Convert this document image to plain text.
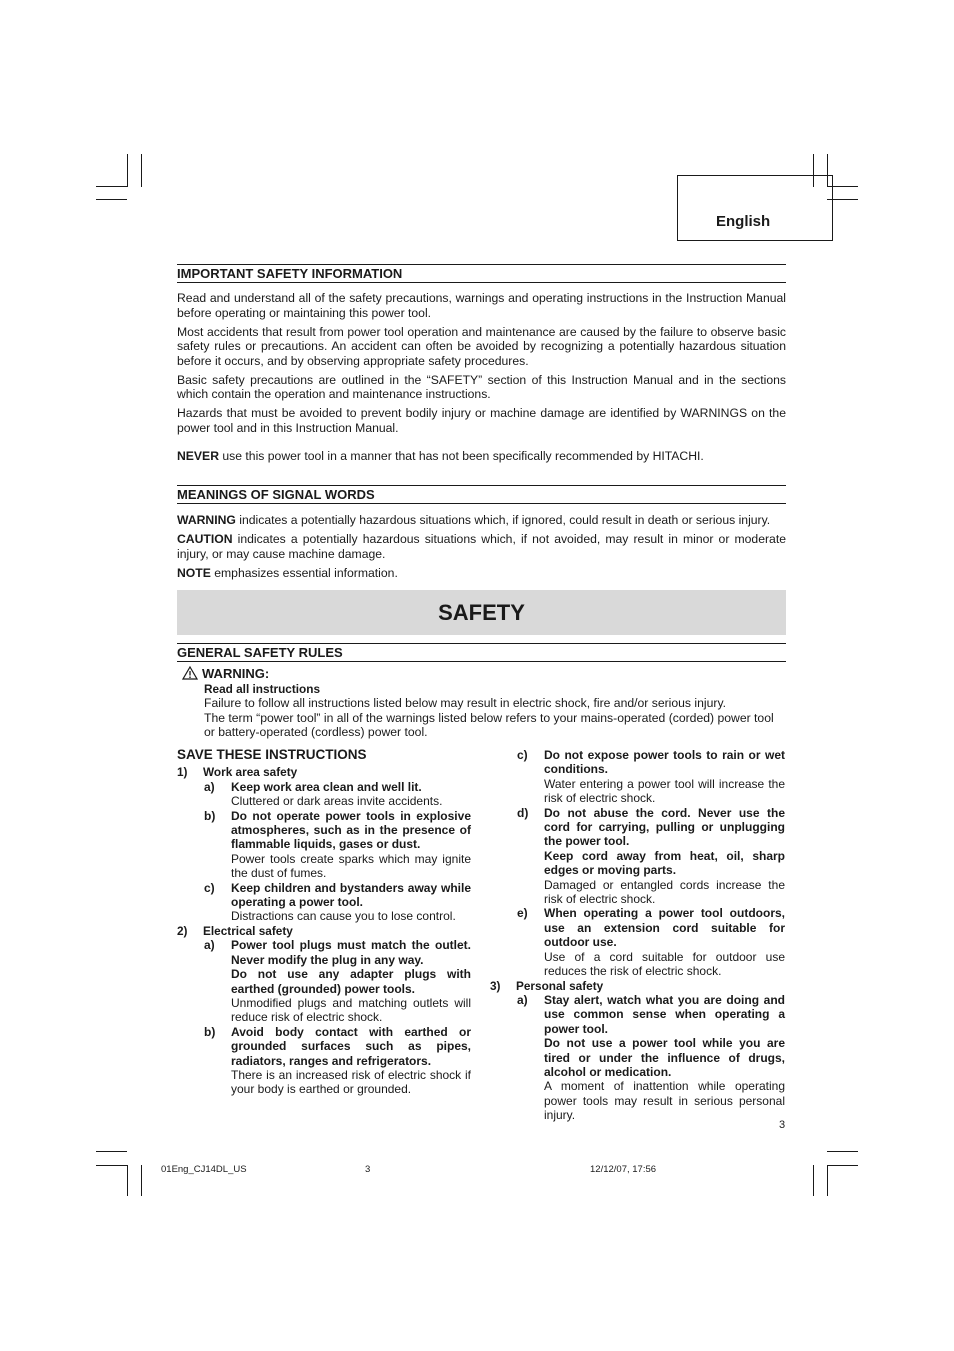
English
IMPORTANT SAFETY INFORMATION

Read and understand all of the safety precautions, warnings and operating instructions in the Instruction Manual before operating or maintaining this power tool.

Most accidents that result from power tool operation and maintenance are caused by the failure to observe basic safety rules or precautions. An accident can often be avoided by recognizing a potentially hazardous situation before it occurs, and by observing appropriate safety procedures.

Basic safety precautions are outlined in the “SAFETY” section of this Instruction Manual and in the sections which contain the operation and maintenance instructions.

Hazards that must be avoided to prevent bodily injury or machine damage are identified by WARNINGS on the power tool and in this Instruction Manual.

NEVER use this power tool in a manner that has not been specifically recommended by HITACHI.

MEANINGS OF SIGNAL WORDS

WARNING indicates a potentially hazardous situations which, if ignored, could result in death or serious injury.

CAUTION indicates a potentially hazardous situations which, if not avoided, may result in minor or moderate injury, or may cause machine damage.

NOTE emphasizes essential information.

SAFETY
GENERAL SAFETY RULES
WARNING:
Read all instructions
Failure to follow all instructions listed below may result in electric shock, fire and/or serious injury.
The term “power tool” in all of the warnings listed below refers to your mains-operated (corded) power tool or battery-operated (cordless) power tool.
SAVE THESE INSTRUCTIONS
1) Work area safety
a) Keep work area clean and well lit.
Cluttered or dark areas invite accidents.
b) Do not operate power tools in explosive atmospheres, such as in the presence of flammable liquids, gases or dust.
Power tools create sparks which may ignite the dust of fumes.
c) Keep children and bystanders away while operating a power tool.
Distractions can cause you to lose control.
2) Electrical safety
a) Power tool plugs must match the outlet. Never modify the plug in any way.
Do not use any adapter plugs with earthed (grounded) power tools.
Unmodified plugs and matching outlets will reduce risk of electric shock.
b) Avoid body contact with earthed or grounded surfaces such as pipes, radiators, ranges and refrigerators.
There is an increased risk of electric shock if your body is earthed or grounded.
c) Do not expose power tools to rain or wet conditions.
Water entering a power tool will increase the risk of electric shock.
d) Do not abuse the cord. Never use the cord for carrying, pulling or unplugging the power tool.
Keep cord away from heat, oil, sharp edges or moving parts.
Damaged or entangled cords increase the risk of electric shock.
e) When operating a power tool outdoors, use an extension cord suitable for outdoor use.
Use of a cord suitable for outdoor use reduces the risk of electric shock.
3) Personal safety
a) Stay alert, watch what you are doing and use common sense when operating a power tool.
Do not use a power tool while you are tired or under the influence of drugs, alcohol or medication.
A moment of inattention while operating power tools may result in serious personal injury.
3
01Eng_CJ14DL_US	3	12/12/07, 17:56
